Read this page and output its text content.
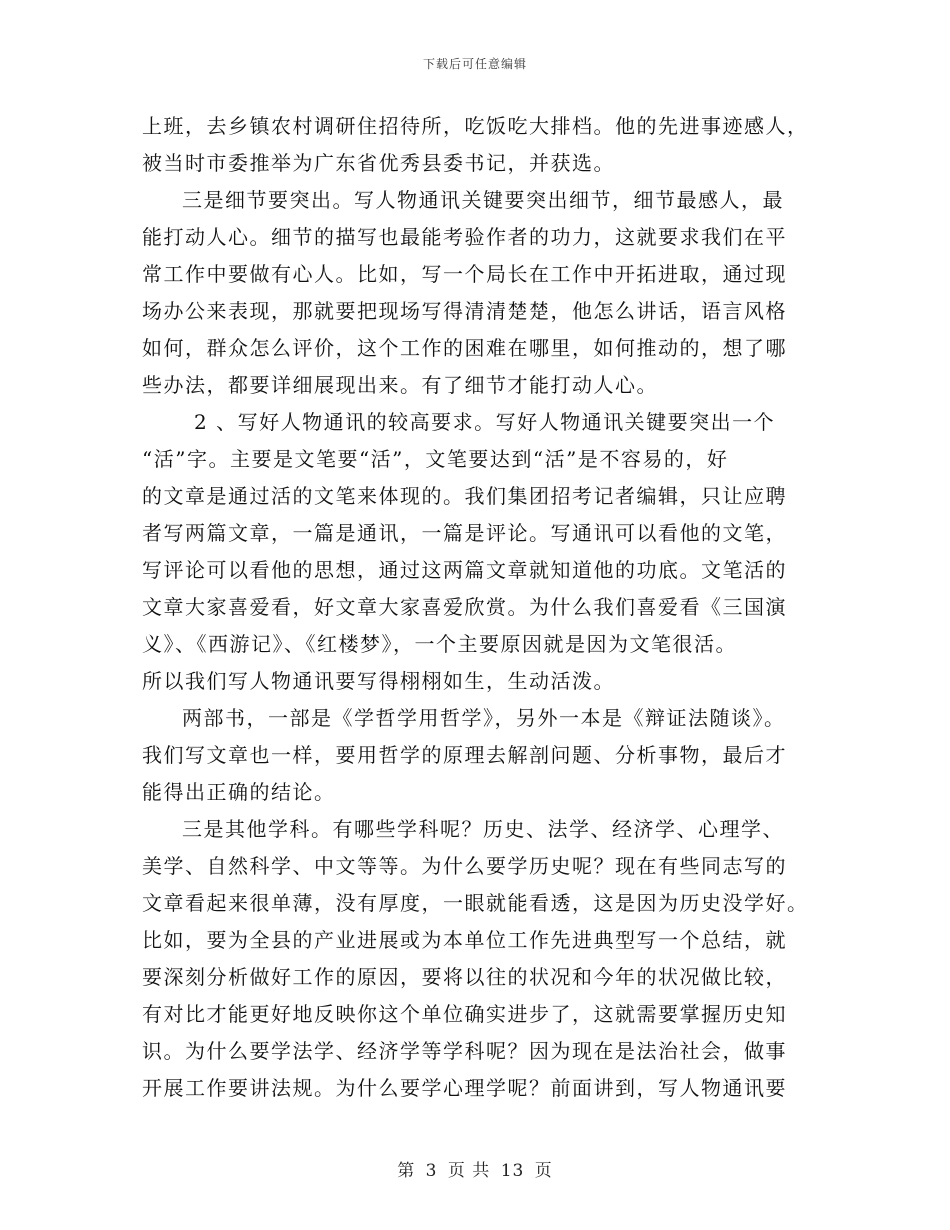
下载后可任意编辑
上班，去乡镇农村调研住招待所，吃饭吃大排档。他的先进事迹感人，
被当时市委推举为广东省优秀县委书记，并获选。
三是细节要突出。写人物通讯关键要突出细节，细节最感人，最
能打动人心。细节的描写也最能考验作者的功力，这就要求我们在平
常工作中要做有心人。比如，写一个局长在工作中开拓进取，通过现
场办公来表现，那就要把现场写得清清楚楚，他怎么讲话，语言风格
如何，群众怎么评价，这个工作的困难在哪里，如何推动的，想了哪
些办法，都要详细展现出来。有了细节才能打动人心。
2 、写好人物通讯的较高要求。写好人物通讯关键要突出一个
“活”字。主要是文笔要“活”，文笔要达到“活”是不容易的，好
的文章是通过活的文笔来体现的。我们集团招考记者编辑，只让应聘
者写两篇文章，一篇是通讯，一篇是评论。写通讯可以看他的文笔，
写评论可以看他的思想，通过这两篇文章就知道他的功底。文笔活的
文章大家喜爱看，好文章大家喜爱欣赏。为什么我们喜爱看《三国演
义》、《西游记》、《红楼梦》，一个主要原因就是因为文笔很活。
所以我们写人物通讯要写得栩栩如生，生动活泼。
两部书，一部是《学哲学用哲学》，另外一本是《辩证法随谈》。
我们写文章也一样，要用哲学的原理去解剖问题、分析事物，最后才
能得出正确的结论。
三是其他学科。有哪些学科呢？历史、法学、经济学、心理学、
美学、自然科学、中文等等。为什么要学历史呢？现在有些同志写的
文章看起来很单薄，没有厚度，一眼就能看透，这是因为历史没学好。
比如，要为全县的产业进展或为本单位工作先进典型写一个总结，就
要深刻分析做好工作的原因，要将以往的状况和今年的状况做比较，
有对比才能更好地反映你这个单位确实进步了，这就需要掌握历史知
识。为什么要学法学、经济学等学科呢？因为现在是法治社会，做事
开展工作要讲法规。为什么要学心理学呢？前面讲到，写人物通讯要
第 3 页 共 13 页
